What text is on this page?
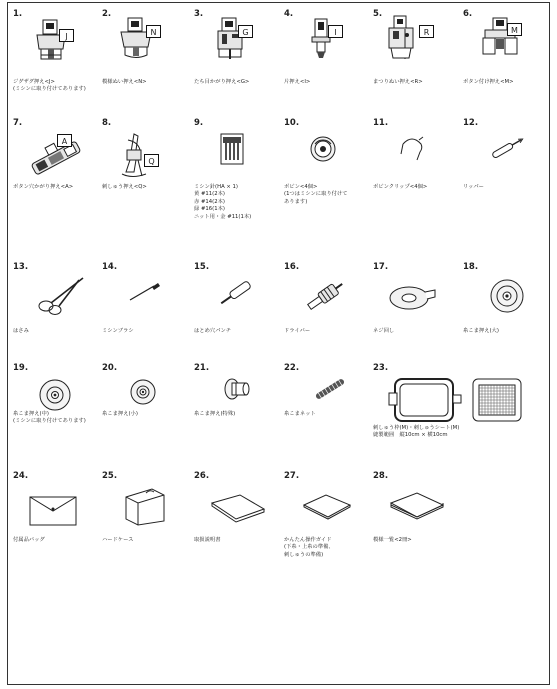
1.
J
ジグザグ押え<J>
(ミシンに取り付けてあります)
2.
N
模様ぬい押え<N>
3.
G
たち目かがり押え<G>
4.
I
片押え<I>
5.
R
まつりぬい押え<R>
6.
M
ボタン付け押え<M>
7.
A
ボタン穴かがり押え<A>
8.
Q
刺しゅう押え<Q>
9.
ミシン針(HA × 1)
黄 #11(2本)
赤 #14(2本)
緑 #16(1本)
ニット用・金 #11(1本)
10.
ボビン<4個>
(1つはミシンに取り付けて
あります)
11.
ボビンクリップ<4個>
12.
リッパー
13.
はさみ
14.
ミシンブラシ
15.
はとめ穴パンチ
16.
ドライバー
17.
ネジ回し
18.
糸こま押え(大)
19.
糸こま押え(中)
(ミシンに取り付けてあります)
20.
糸こま押え(小)
21.
糸こま押え(特殊)
22.
糸こまネット
23.
刺しゅう枠(M)・刺しゅうシート(M)
縫製範囲　縦10cm × 横10cm
24.
付属品バッグ
25.
ハードケース
26.
取扱説明書
27.
かんたん操作ガイド
(下糸・上糸の準備、
刺しゅうの準備)
28.
模様一覧<2冊>
